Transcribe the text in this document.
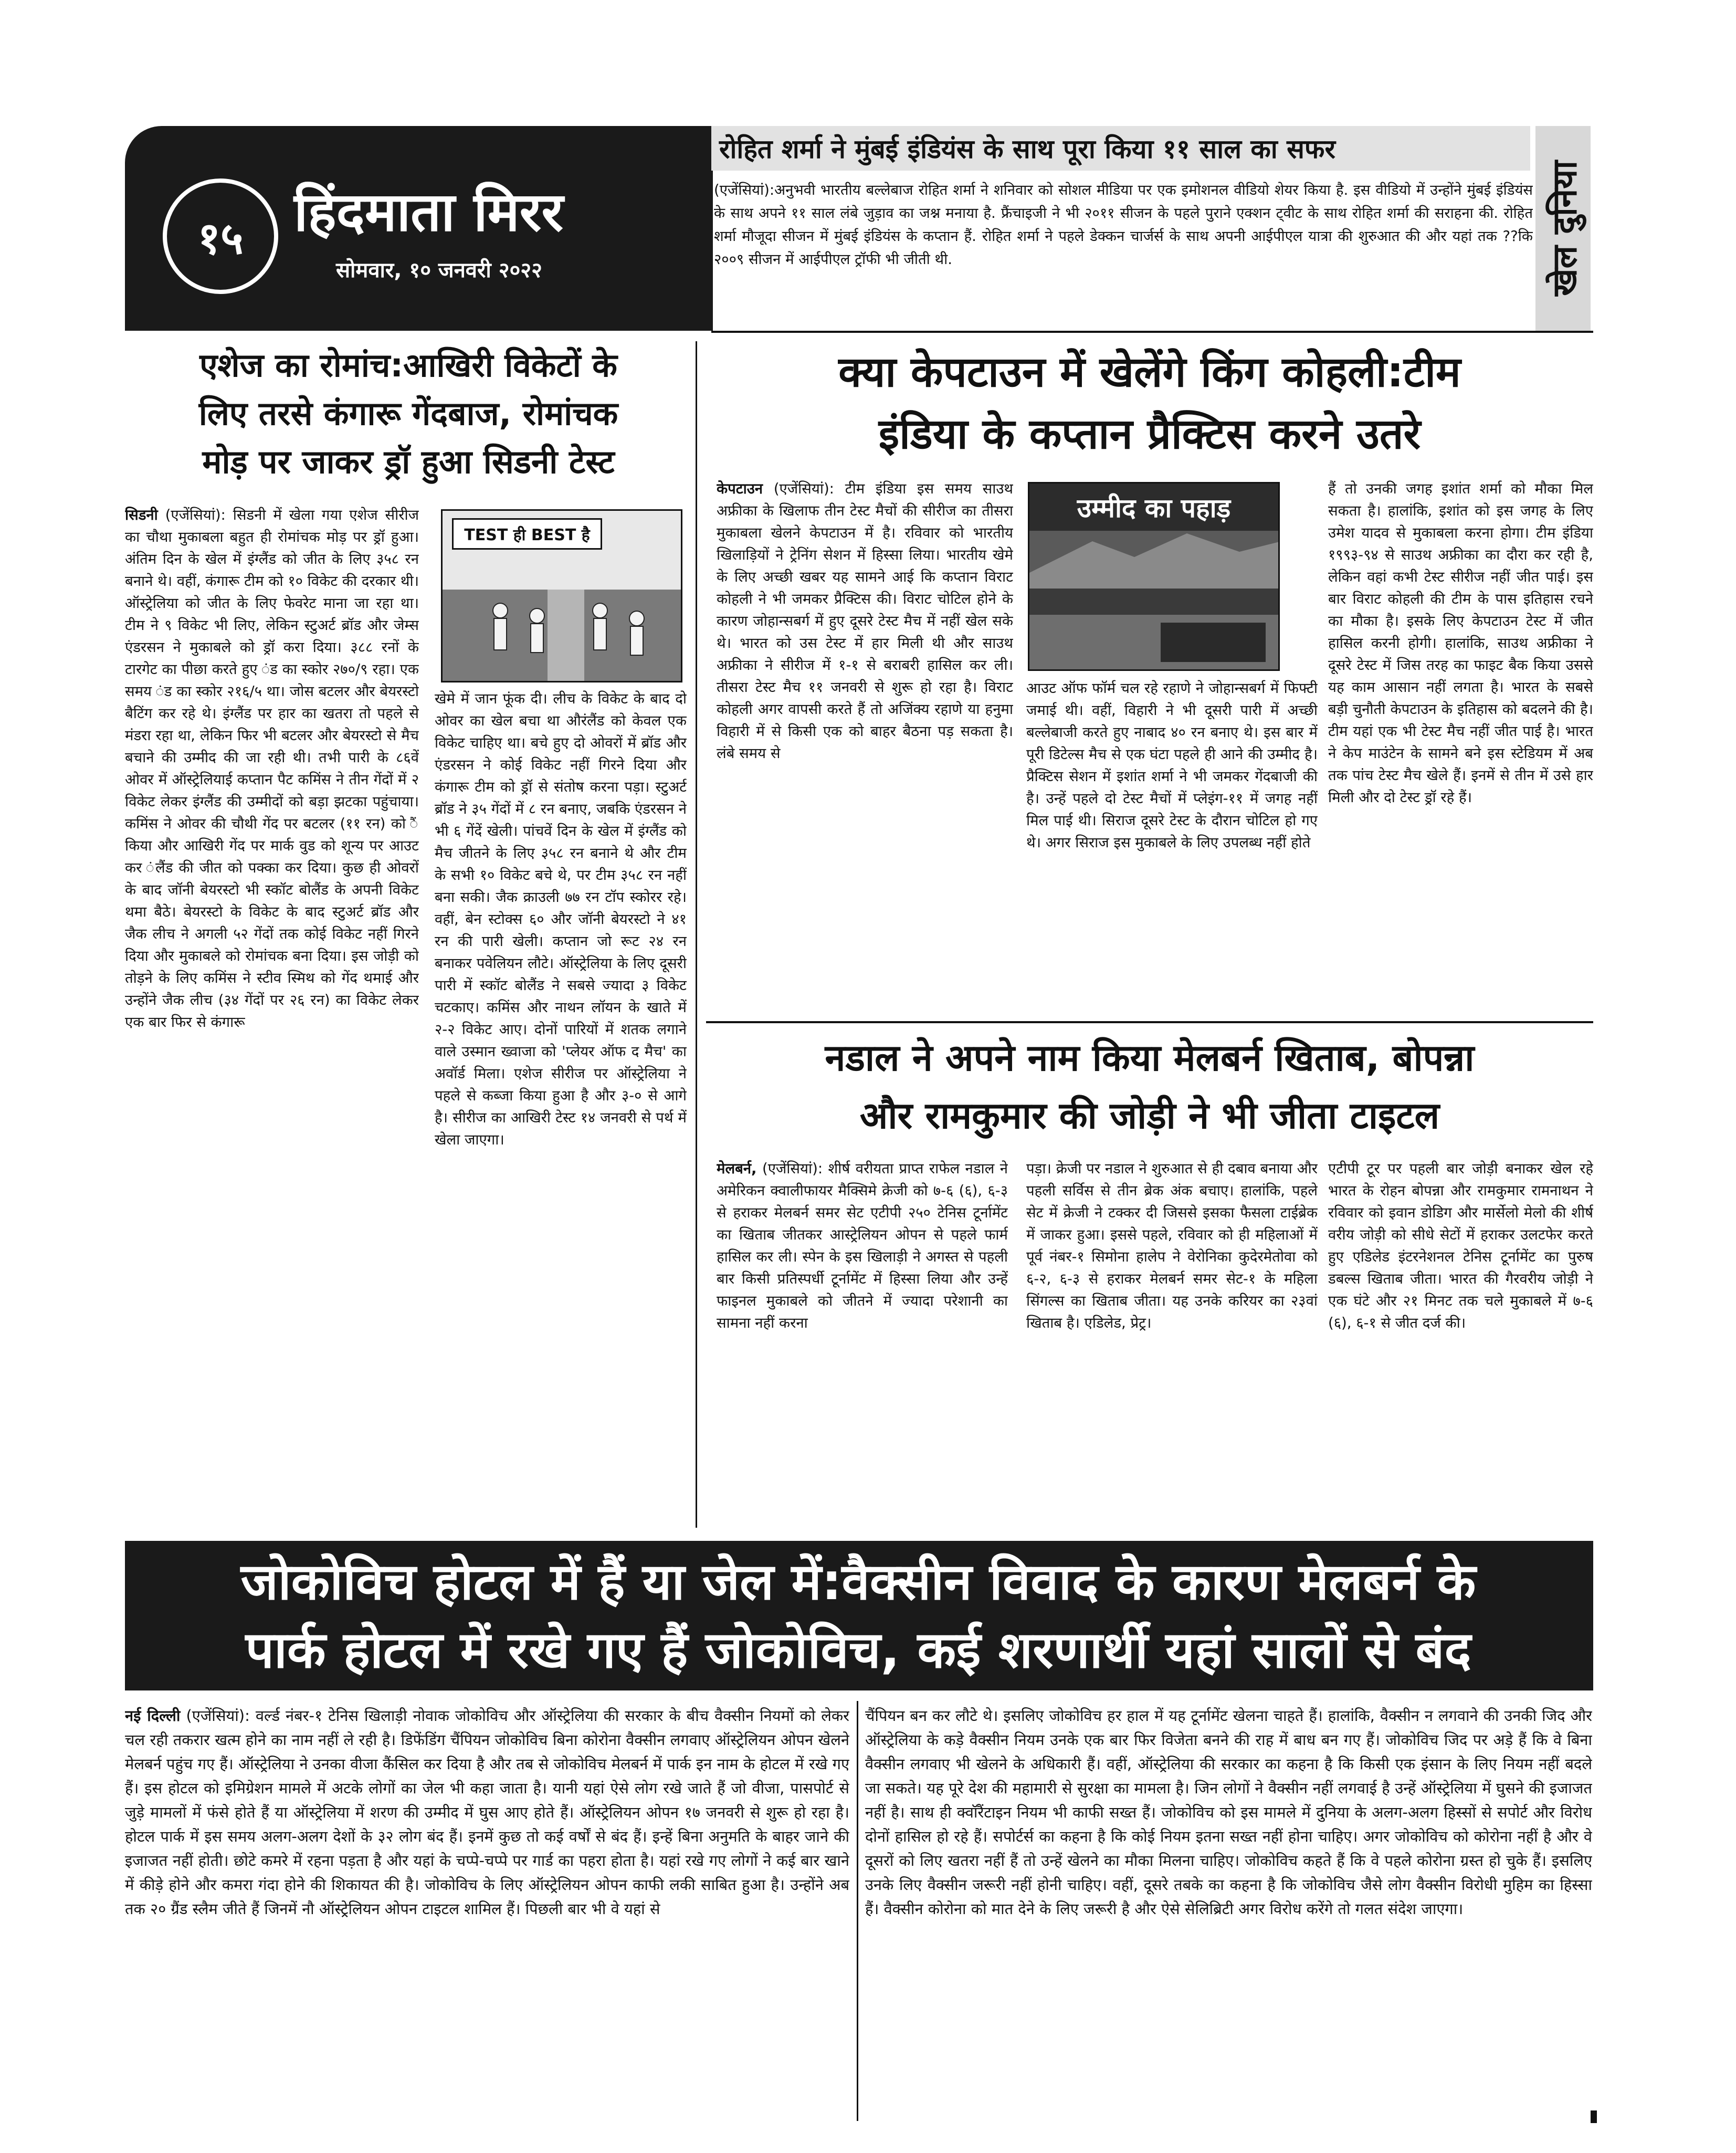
१५ हिंदमाता मिरर
सोमवार, १० जनवरी २०२२
रोहित शर्मा ने मुंबई इंडियंस के साथ पूरा किया ११ साल का सफर
(एजेंसियां):अनुभवी भारतीय बल्लेबाज रोहित शर्मा ने शनिवार को सोशल मीडिया पर एक इमोशनल वीडियो शेयर किया है. इस वीडियो में उन्होंने मुंबई इंडियंस के साथ अपने ११ साल लंबे जुड़ाव का जश्न मनाया है. फ्रैंचाइजी ने भी २०११ सीजन के पहले पुराने एक्शन ट्वीट के साथ रोहित शर्मा की सराहना की. रोहित शर्मा मौजूदा सीजन में मुंबई इंडियंस के कप्तान हैं. रोहित शर्मा ने पहले डेक्कन चार्जर्स के साथ अपनी आईपीएल यात्रा की शुरुआत की और यहां तक ??कि २००९ सीजन में आईपीएल ट्रॉफी भी जीती थी.	खेल दुनिया
एशेज का रोमांच:आखिरी विकेटों के
लिए तरसे कंगारू गेंदबाज, रोमांचक
मोड़ पर जाकर ड्रॉ हुआ सिडनी टेस्ट

सिडनी (एजेंसियां): सिडनी में खेला गया एशेज सीरीज का चौथा मुकाबला बहुत ही रोमांचक मोड़ पर ड्रॉ हुआ। अंतिम दिन के खेल में इंग्लैंड को जीत के लिए ३५८ रन बनाने थे। वहीं, कंगारू टीम को १० विकेट की दरकार थी। ऑस्ट्रेलिया को जीत के लिए फेवरेट माना जा रहा था। टीम ने ९ विकेट भी लिए, लेकिन स्टुअर्ट ब्रॉड और जेम्स एंडरसन ने मुकाबले को ड्रॉ करा दिया। ३८८ रनों के टारगेट का पीछा करते हुए ंड का स्कोर २७०/९ रहा। एक समय ंड का स्कोर २१६/५ था। जोस बटलर और बेयरस्टो बैटिंग कर रहे थे। इंग्लैंड पर हार का खतरा तो पहले से मंडरा रहा था, लेकिन फिर भी बटलर और बेयरस्टो से मैच बचाने की उम्मीद की जा रही थी। तभी पारी के ८६वें ओवर में ऑस्ट्रेलियाई कप्तान पैट कमिंस ने तीन गेंदों में २ विकेट लेकर इंग्लैंड की उम्मीदों को बड़ा झटका पहुंचाया। कमिंस ने ओवर की चौथी गेंद पर बटलर (११ रन) को ैं किया और आखिरी गेंद पर मार्क वुड को शून्य पर आउट कर ंलैंड की जीत को पक्का कर दिया। कुछ ही ओवरों के बाद जॉनी बेयरस्टो भी स्कॉट बोलैंड के अपनी विकेट थमा बैठे। बेयरस्टो के विकेट के बाद स्टुअर्ट ब्रॉड और जैक लीच ने अगली ५२ गेंदों तक कोई विकेट नहीं गिरने दिया और मुकाबले को रोमांचक बना दिया। इस जोड़ी को तोड़ने के लिए कमिंस ने स्टीव स्मिथ को गेंद थमाई और उन्होंने जैक लीच (३४ गेंदों पर २६ रन) का विकेट लेकर एक बार फिर से कंगारू

TEST ही BEST है

खेमे में जान फूंक दी। लीच के विकेट के बाद दो ओवर का खेल बचा था औरंलैंड को केवल एक विकेट चाहिए था। बचे हुए दो ओवरों में ब्रॉड और एंडरसन ने कोई विकेट नहीं गिरने दिया और कंगारू टीम को ड्रॉ से संतोष करना पड़ा। स्टुअर्ट ब्रॉड ने ३५ गेंदों में ८ रन बनाए, जबकि एंडरसन ने भी ६ गेंदें खेली। पांचवें दिन के खेल में इंग्लैंड को मैच जीतने के लिए ३५८ रन बनाने थे और टीम के सभी १० विकेट बचे थे, पर टीम ३५८ रन नहीं बना सकी। जैक क्राउली ७७ रन टॉप स्कोरर रहे। वहीं, बेन स्टोक्स ६० और जॉनी बेयरस्टो ने ४१ रन की पारी खेली। कप्तान जो रूट २४ रन बनाकर पवेलियन लौटे। ऑस्ट्रेलिया के लिए दूसरी पारी में स्कॉट बोलैंड ने सबसे ज्यादा ३ विकेट चटकाए। कमिंस और नाथन लॉयन के खाते में २-२ विकेट आए। दोनों पारियों में शतक लगाने वाले उस्मान ख्वाजा को 'प्लेयर ऑफ द मैच' का अवॉर्ड मिला। एशेज सीरीज पर ऑस्ट्रेलिया ने पहले से कब्जा किया हुआ है और ३-० से आगे है। सीरीज का आखिरी टेस्ट १४ जनवरी से पर्थ में खेला जाएगा।

क्या केपटाउन में खेलेंगे किंग कोहली:टीम
इंडिया के कप्तान प्रैक्टिस करने उतरे

केपटाउन (एजेंसियां): टीम इंडिया इस समय साउथ अफ्रीका के खिलाफ तीन टेस्ट मैचों की सीरीज का तीसरा मुकाबला खेलने केपटाउन में है। रविवार को भारतीय खिलाड़ियों ने ट्रेनिंग सेशन में हिस्सा लिया। भारतीय खेमे के लिए अच्छी खबर यह सामने आई कि कप्तान विराट कोहली ने भी जमकर प्रैक्टिस की। विराट चोटिल होने के कारण जोहान्सबर्ग में हुए दूसरे टेस्ट मैच में नहीं खेल सके थे। भारत को उस टेस्ट में हार मिली थी और साउथ अफ्रीका ने सीरीज में १-१ से बराबरी हासिल कर ली। तीसरा टेस्ट मैच ११ जनवरी से शुरू हो रहा है। विराट कोहली अगर वापसी करते हैं तो अजिंक्य रहाणे या हनुमा विहारी में से किसी एक को बाहर बैठना पड़ सकता है। लंबे समय से

उम्मीद का पहाड़

आउट ऑफ फॉर्म चल रहे रहाणे ने जोहान्सबर्ग में फिफ्टी जमाई थी। वहीं, विहारी ने भी दूसरी पारी में अच्छी बल्लेबाजी करते हुए नाबाद ४० रन बनाए थे। इस बार में पूरी डिटेल्स मैच से एक घंटा पहले ही आने की उम्मीद है। प्रैक्टिस सेशन में इशांत शर्मा ने भी जमकर गेंदबाजी की है। उन्हें पहले दो टेस्ट मैचों में प्लेइंग-११ में जगह नहीं मिल पाई थी। सिराज दूसरे टेस्ट के दौरान चोटिल हो गए थे। अगर सिराज इस मुकाबले के लिए उपलब्ध नहीं होते

हैं तो उनकी जगह इशांत शर्मा को मौका मिल सकता है। हालांकि, इशांत को इस जगह के लिए उमेश यादव से मुकाबला करना होगा। टीम इंडिया १९९३-९४ से साउथ अफ्रीका का दौरा कर रही है, लेकिन वहां कभी टेस्ट सीरीज नहीं जीत पाई। इस बार विराट कोहली की टीम के पास इतिहास रचने का मौका है। इसके लिए केपटाउन टेस्ट में जीत हासिल करनी होगी। हालांकि, साउथ अफ्रीका ने दूसरे टेस्ट में जिस तरह का फाइट बैक किया उससे यह काम आसान नहीं लगता है। भारत के सबसे बड़ी चुनौती केपटाउन के इतिहास को बदलने की है। टीम यहां एक भी टेस्ट मैच नहीं जीत पाई है। भारत ने केप माउंटेन के सामने बने इस स्टेडियम में अब तक पांच टेस्ट मैच खेले हैं। इनमें से तीन में उसे हार मिली और दो टेस्ट ड्रॉ रहे हैं।

नडाल ने अपने नाम किया मेलबर्न खिताब, बोपन्ना
और रामकुमार की जोड़ी ने भी जीता टाइटल

मेलबर्न, (एजेंसियां): शीर्ष वरीयता प्राप्त राफेल नडाल ने अमेरिकन क्वालीफायर मैक्सिमे क्रेजी को ७-६ (६), ६-३ से हराकर मेलबर्न समर सेट एटीपी २५० टेनिस टूर्नामेंट का खिताब जीतकर आस्ट्रेलियन ओपन से पहले फार्म हासिल कर ली। स्पेन के इस खिलाड़ी ने अगस्त से पहली बार किसी प्रतिस्पर्धी टूर्नामेंट में हिस्सा लिया और उन्हें फाइनल मुकाबले को जीतने में ज्यादा परेशानी का सामना नहीं करना

पड़ा। क्रेजी पर नडाल ने शुरुआत से ही दबाव बनाया और पहली सर्विस से तीन ब्रेक अंक बचाए। हालांकि, पहले सेट में क्रेजी ने टक्कर दी जिससे इसका फैसला टाईब्रेक में जाकर हुआ। इससे पहले, रविवार को ही महिलाओं में पूर्व नंबर-१ सिमोना हालेप ने वेरोनिका कुदेरमेतोवा को ६-२, ६-३ से हराकर मेलबर्न समर सेट-१ के महिला सिंगल्स का खिताब जीता। यह उनके करियर का २३वां खिताब है। एडिलेड, प्रेट्र।

एटीपी टूर पर पहली बार जोड़ी बनाकर खेल रहे भारत के रोहन बोपन्ना और रामकुमार रामनाथन ने रविवार को इवान डोडिग और मार्सेलो मेलो की शीर्ष वरीय जोड़ी को सीधे सेटों में हराकर उलटफेर करते हुए एडिलेड इंटरनेशनल टेनिस टूर्नामेंट का पुरुष डबल्स खिताब जीता। भारत की गैरवरीय जोड़ी ने एक घंटे और २१ मिनट तक चले मुकाबले में ७-६ (६), ६-१ से जीत दर्ज की।

जोकोविच होटल में हैं या जेल में:वैक्सीन विवाद के कारण मेलबर्न के
पार्क होटल में रखे गए हैं जोकोविच, कई शरणार्थी यहां सालों से बंद

नई दिल्ली (एजेंसियां): वर्ल्ड नंबर-१ टेनिस खिलाड़ी नोवाक जोकोविच और ऑस्ट्रेलिया की सरकार के बीच वैक्सीन नियमों को लेकर चल रही तकरार खत्म होने का नाम नहीं ले रही है। डिफेंडिंग चैंपियन जोकोविच बिना कोरोना वैक्सीन लगवाए ऑस्ट्रेलियन ओपन खेलने मेलबर्न पहुंच गए हैं। ऑस्ट्रेलिया ने उनका वीजा कैंसिल कर दिया है और तब से जोकोविच मेलबर्न में पार्क इन नाम के होटल में रखे गए हैं। इस होटल को इमिग्रेशन मामले में अटके लोगों का जेल भी कहा जाता है। यानी यहां ऐसे लोग रखे जाते हैं जो वीजा, पासपोर्ट से जुड़े मामलों में फंसे होते हैं या ऑस्ट्रेलिया में शरण की उम्मीद में घुस आए होते हैं। ऑस्ट्रेलियन ओपन १७ जनवरी से शुरू हो रहा है। होटल पार्क में इस समय अलग-अलग देशों के ३२ लोग बंद हैं। इनमें कुछ तो कई वर्षों से बंद हैं। इन्हें बिना अनुमति के बाहर जाने की इजाजत नहीं होती। छोटे कमरे में रहना पड़ता है और यहां के चप्पे-चप्पे पर गार्ड का पहरा होता है। यहां रखे गए लोगों ने कई बार खाने में कीड़े होने और कमरा गंदा होने की शिकायत की है। जोकोविच के लिए ऑस्ट्रेलियन ओपन काफी लकी साबित हुआ है। उन्होंने अब तक २० ग्रैंड स्लैम जीते हैं जिनमें नौ ऑस्ट्रेलियन ओपन टाइटल शामिल हैं। पिछली बार भी वे यहां से

चैंपियन बन कर लौटे थे। इसलिए जोकोविच हर हाल में यह टूर्नामेंट खेलना चाहते हैं। हालांकि, वैक्सीन न लगवाने की उनकी जिद और ऑस्ट्रेलिया के कड़े वैक्सीन नियम उनके एक बार फिर विजेता बनने की राह में बाध बन गए हैं। जोकोविच जिद पर अड़े हैं कि वे बिना वैक्सीन लगवाए भी खेलने के अधिकारी हैं। वहीं, ऑस्ट्रेलिया की सरकार का कहना है कि किसी एक इंसान के लिए नियम नहीं बदले जा सकते। यह पूरे देश की महामारी से सुरक्षा का मामला है। जिन लोगों ने वैक्सीन नहीं लगवाई है उन्हें ऑस्ट्रेलिया में घुसने की इजाजत नहीं है। साथ ही क्वॉरैंटाइन नियम भी काफी सख्त हैं। जोकोविच को इस मामले में दुनिया के अलग-अलग हिस्सों से सपोर्ट और विरोध दोनों हासिल हो रहे हैं। सपोर्टर्स का कहना है कि कोई नियम इतना सख्त नहीं होना चाहिए। अगर जोकोविच को कोरोना नहीं है और वे दूसरों को लिए खतरा नहीं हैं तो उन्हें खेलने का मौका मिलना चाहिए। जोकोविच कहते हैं कि वे पहले कोरोना ग्रस्त हो चुके हैं। इसलिए उनके लिए वैक्सीन जरूरी नहीं होनी चाहिए। वहीं, दूसरे तबके का कहना है कि जोकोविच जैसे लोग वैक्सीन विरोधी मुहिम का हिस्सा हैं। वैक्सीन कोरोना को मात देने के लिए जरूरी है और ऐसे सेलिब्रिटी अगर विरोध करेंगे तो गलत संदेश जाएगा।
